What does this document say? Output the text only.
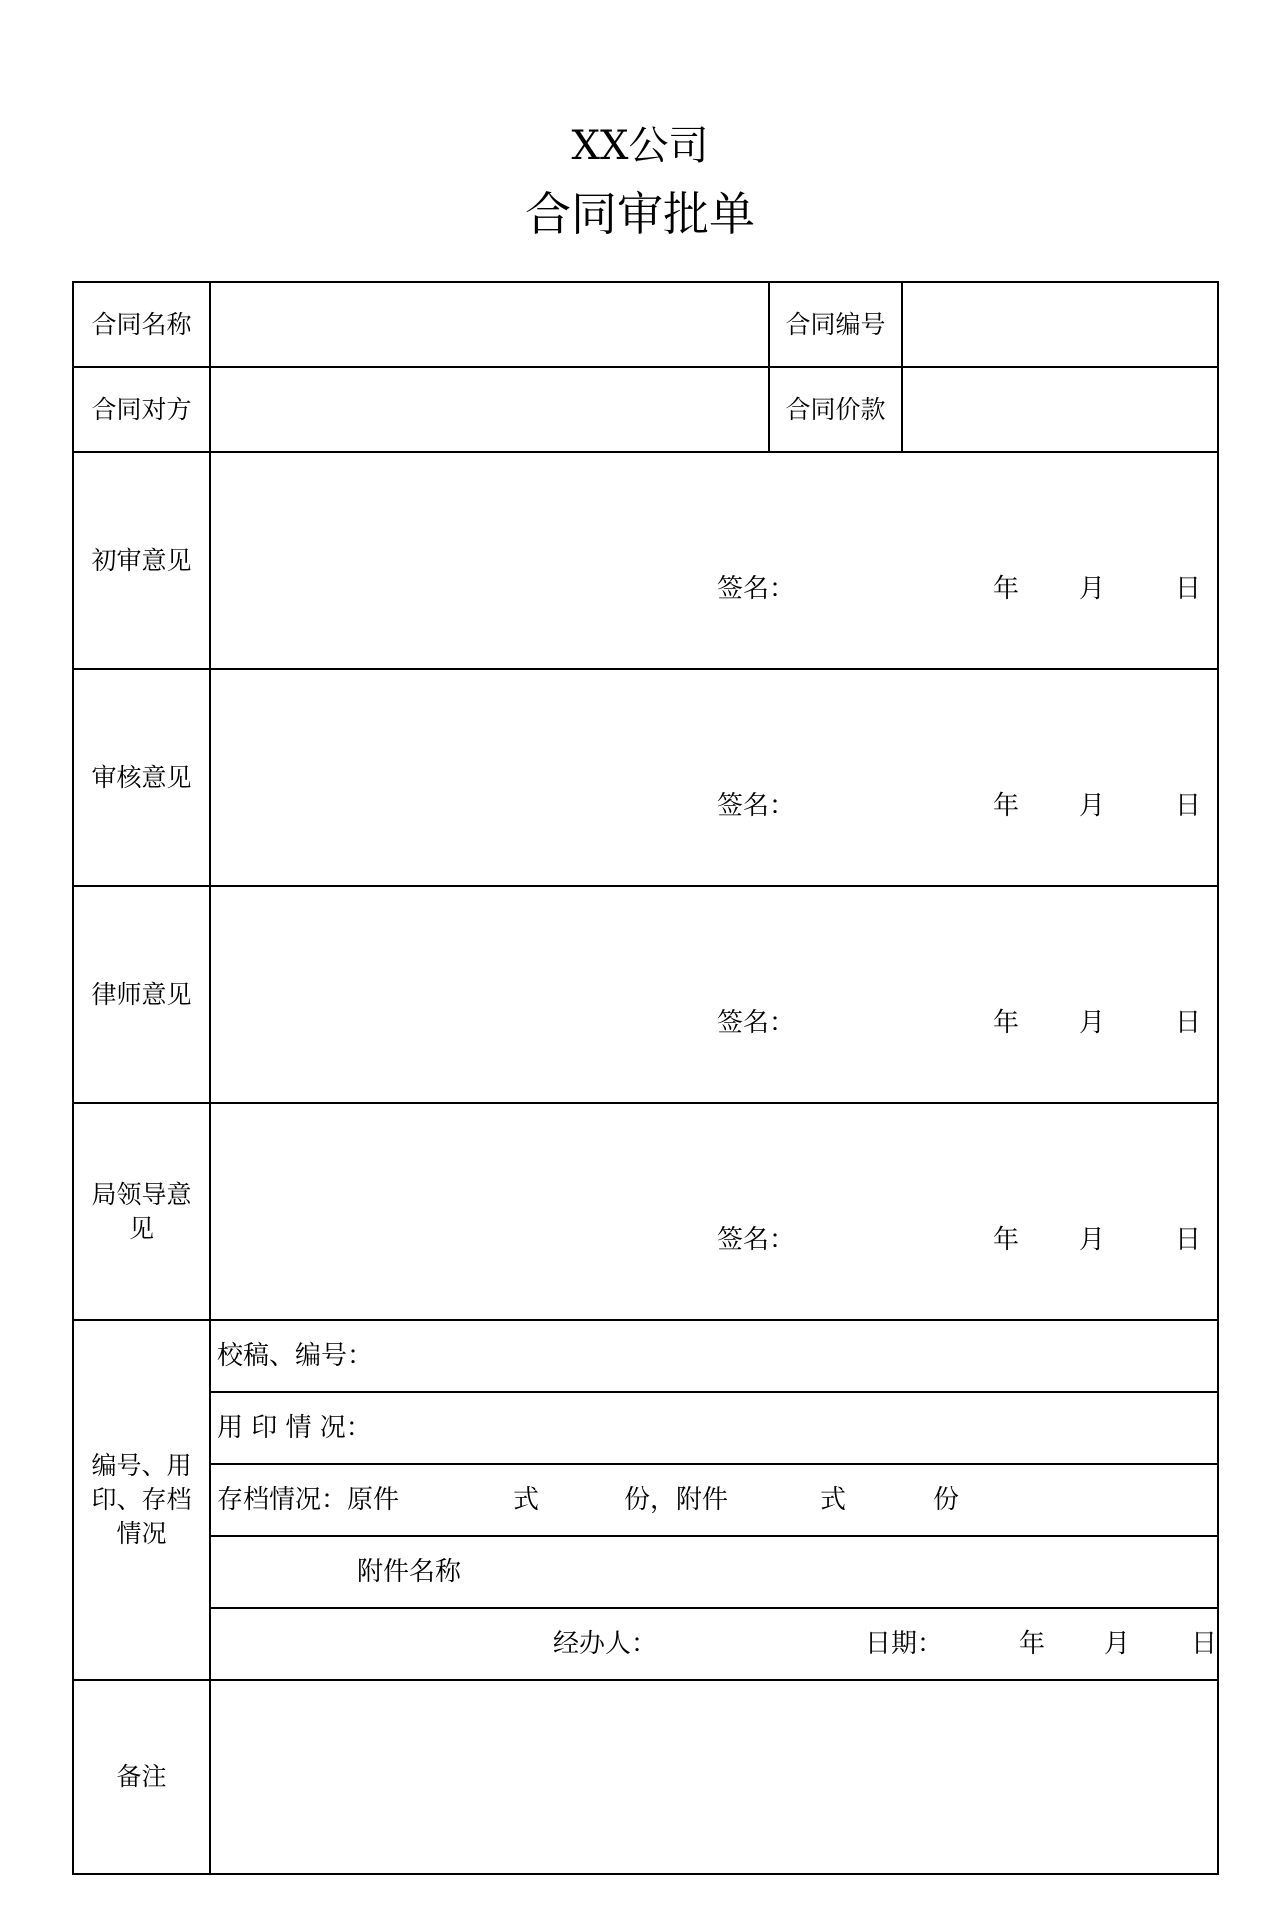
XX公司
合同审批单
合同名称		合同编号	
合同对方		合同价款	
初审意见	签名： 年 月 日		

审核意见	签名： 年 月 日		

律师意见	签名： 年 月 日		

局领导意见	签名： 年 月 日		

编号、用印、存档情况	校稿、编号：		

	用 印 情 况：		

	存档情况：原件 式 份，附件 式 份		

	附件名称		

	经办人： 日期： 年 月 日		

备注			
